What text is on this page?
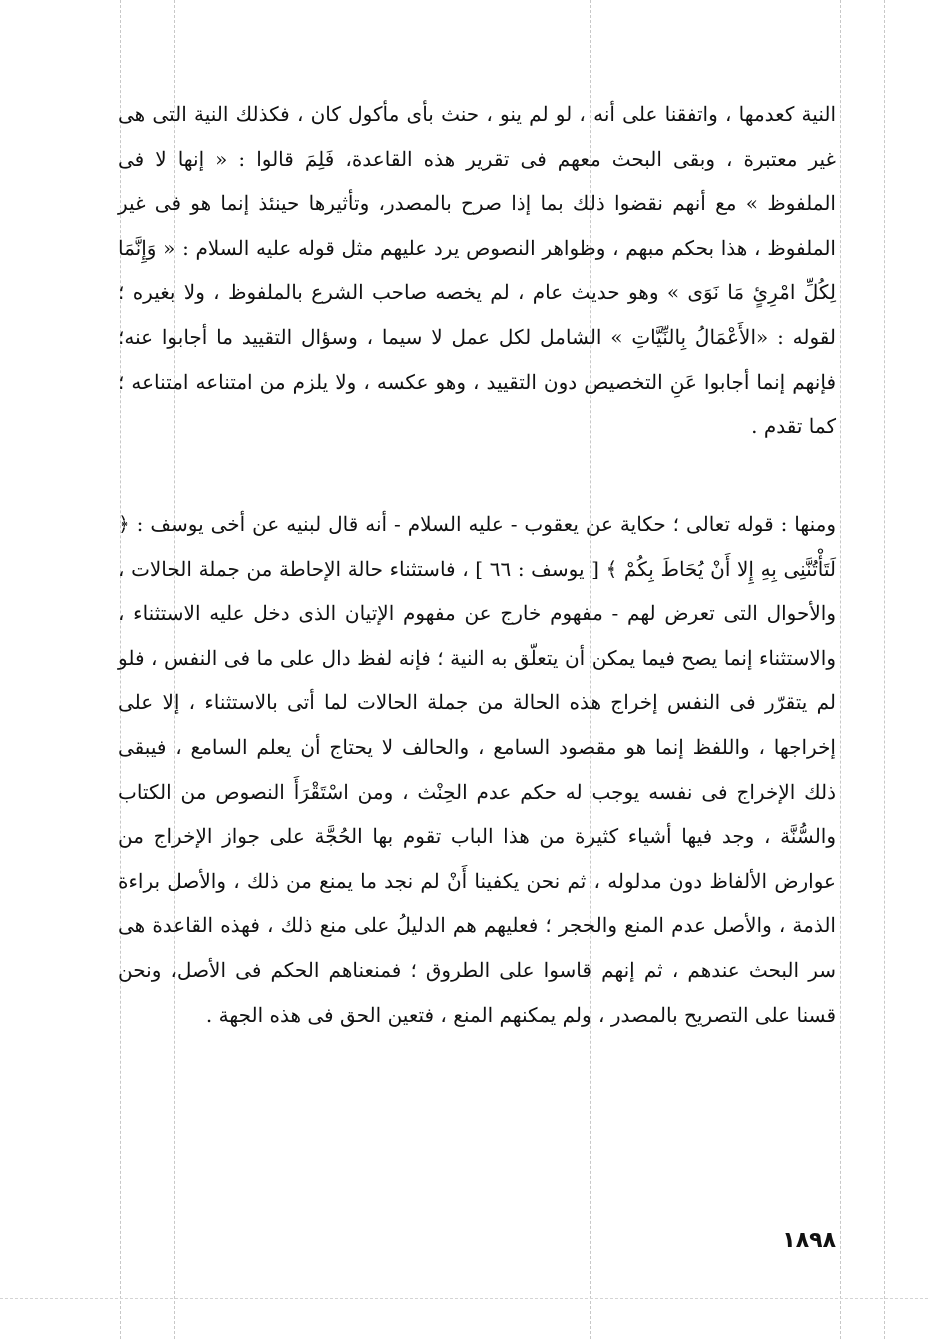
النية كعدمها ، واتفقنا على أنه ، لو لم ينو ، حنث بأى مأكول كان ، فكذلك النية التى هى غير معتبرة ، وبقى البحث معهم فى تقرير هذه القاعدة، فَلِمَ قالوا : « إنها لا فى الملفوظ » مع أنهم نقضوا ذلك بما إذا صرح بالمصدر، وتأثيرها حينئذ إنما هو فى غير الملفوظ ، هذا بحكم مبهم ، وظواهر النصوص يرد عليهم مثل قوله عليه السلام : « وَإِنَّمَا لِكُلِّ امْرِئٍ مَا نَوَى » وهو حديث عام ، لم يخصه صاحب الشرع بالملفوظ ، ولا بغيره ؛ لقوله : «الأَعْمَالُ بِالنِّيَّاتِ » الشامل لكل عمل لا سيما ، وسؤال التقييد ما أجابوا عنه؛ فإنهم إنما أجابوا عَنِ التخصيص دون التقييد ، وهو عكسه ، ولا يلزم من امتناعه امتناعه ؛ كما تقدم .
ومنها : قوله تعالى ؛ حكاية عن يعقوب - عليه السلام - أنه قال لبنيه عن أخى يوسف : ﴿ لَتَأْتُنَّنِى بِهِ إِلا أَنْ يُحَاطَ بِكُمْ ﴾ [ يوسف : ٦٦ ] ، فاستثناء حالة الإحاطة من جملة الحالات ، والأحوال التى تعرض لهم - مفهوم خارج عن مفهوم الإتيان الذى دخل عليه الاستثناء ، والاستثناء إنما يصح فيما يمكن أن يتعلّق به النية ؛ فإنه لفظ دال على ما فى النفس ، فلو لم يتقرّر فى النفس إخراج هذه الحالة من جملة الحالات لما أتى بالاستثناء ، إلا على إخراجها ، واللفظ إنما هو مقصود السامع ، والحالف لا يحتاج أن يعلم السامع ، فيبقى ذلك الإخراج فى نفسه يوجب له حكم عدم الحِنْث ، ومن اسْتَقْرَأَ النصوص من الكتاب والسُّنَّة ، وجد فيها أشياء كثيرة من هذا الباب تقوم بها الحُجَّة على جواز الإخراج من عوارض الألفاظ دون مدلوله ، ثم نحن يكفينا أَنْ لم نجد ما يمنع من ذلك ، والأصل براءة الذمة ، والأصل عدم المنع والحجر ؛ فعليهم هم الدليلُ على منع ذلك ، فهذه القاعدة هى سر البحث عندهم ، ثم إنهم قاسوا على الطروق ؛ فمنعناهم الحكم فى الأصل، ونحن قسنا على التصريح بالمصدر ، ولم يمكنهم المنع ، فتعين الحق فى هذه الجهة .
١٨٩٨
